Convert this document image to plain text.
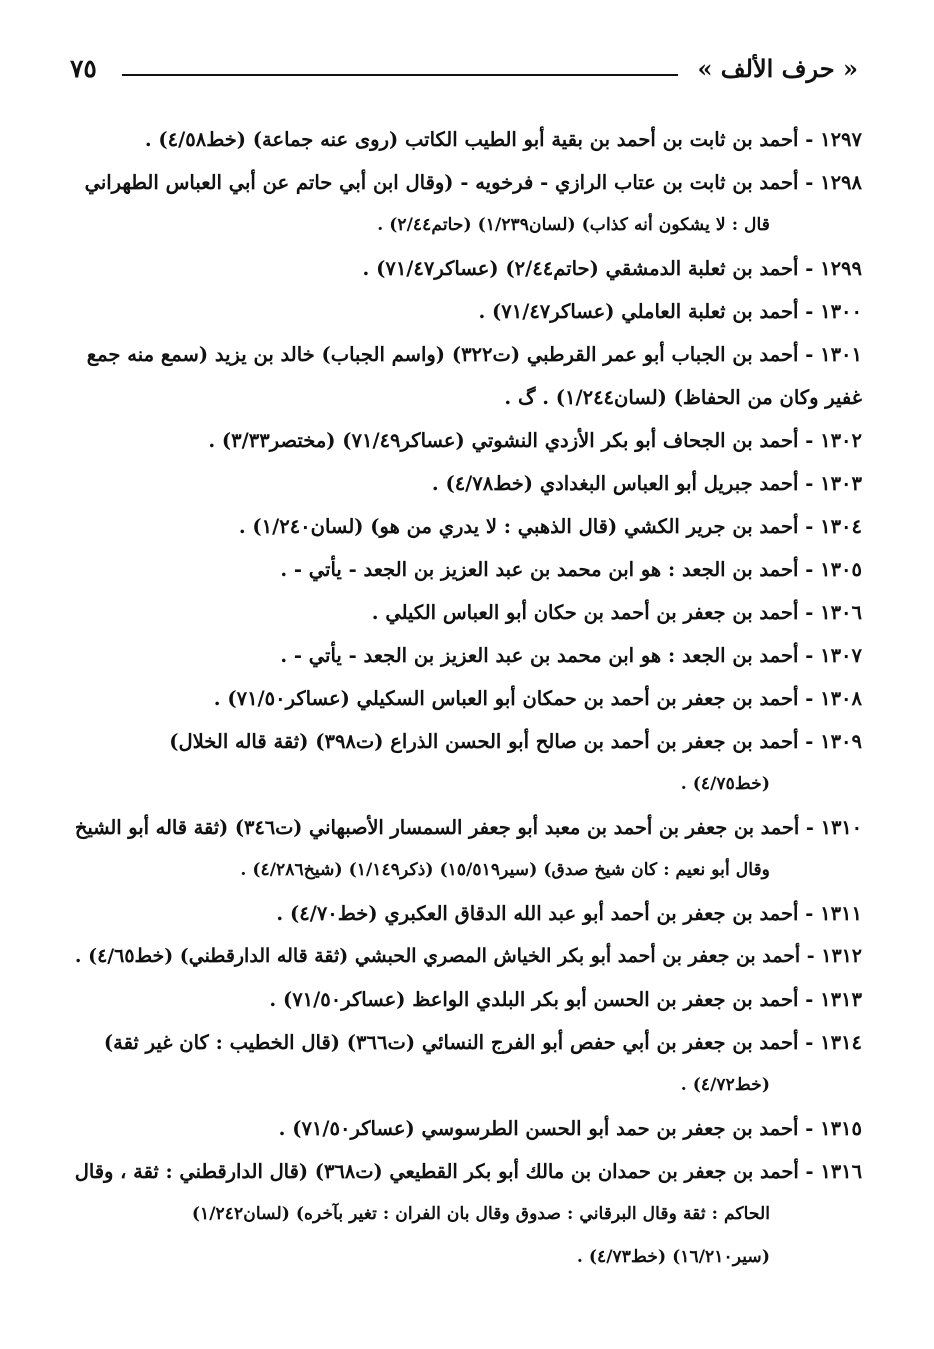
« حرف الألف »
٧٥
١٢٩٧ - أحمد بن ثابت بن أحمد بن بقية أبو الطيب الكاتب (روى عنه جماعة) (خط٤/٥٨) .
١٢٩٨ - أحمد بن ثابت بن عتاب الرازي - فرخويه - (وقال ابن أبي حاتم عن أبي العباس الطهراني
قال : لا يشكون أنه كذاب) (لسان١/٢٣٩) (حاتم٢/٤٤) .
١٢٩٩ - أحمد بن ثعلبة الدمشقي (حاتم٢/٤٤) (عساكر٧١/٤٧) .
١٣٠٠ - أحمد بن ثعلبة العاملي (عساكر٧١/٤٧) .
١٣٠١ - أحمد بن الجباب أبو عمر القرطبي (ت٣٢٢) (واسم الجباب) خالد بن يزيد (سمع منه جمع
غفير وكان من الحفاظ) (لسان١/٢٤٤) . گ .
١٣٠٢ - أحمد بن الجحاف أبو بكر الأزدي النشوتي (عساكر٧١/٤٩) (مختصر٣/٣٣) .
١٣٠٣ - أحمد جبريل أبو العباس البغدادي (خط٤/٧٨) .
١٣٠٤ - أحمد بن جرير الكشي (قال الذهبي : لا يدري من هو) (لسان١/٢٤٠) .
١٣٠٥ - أحمد بن الجعد : هو ابن محمد بن عبد العزيز بن الجعد - يأتي - .
١٣٠٦ - أحمد بن جعفر بن أحمد بن حكان أبو العباس الكيلي .
١٣٠٧ - أحمد بن الجعد : هو ابن محمد بن عبد العزيز بن الجعد - يأتي - .
١٣٠٨ - أحمد بن جعفر بن أحمد بن حمكان أبو العباس السكيلي (عساكر٧١/٥٠) .
١٣٠٩ - أحمد بن جعفر بن أحمد بن صالح أبو الحسن الذراع (ت٣٩٨) (ثقة قاله الخلال)
(خط٤/٧٥) .
١٣١٠ - أحمد بن جعفر بن أحمد بن معبد أبو جعفر السمسار الأصبهاني (ت٣٤٦) (ثقة قاله أبو الشيخ
وقال أبو نعيم : كان شيخ صدق) (سير١٥/٥١٩) (ذكر١/١٤٩) (شيخ٤/٢٨٦) .
١٣١١ - أحمد بن جعفر بن أحمد أبو عبد الله الدقاق العكبري (خط٤/٧٠) .
١٣١٢ - أحمد بن جعفر بن أحمد أبو بكر الخياش المصري الحبشي (ثقة قاله الدارقطني) (خط٤/٦٥) .
١٣١٣ - أحمد بن جعفر بن الحسن أبو بكر البلدي الواعظ (عساكر٧١/٥٠) .
١٣١٤ - أحمد بن جعفر بن أبي حفص أبو الفرج النسائي (ت٣٦٦) (قال الخطيب : كان غير ثقة)
(خط٤/٧٢) .
١٣١٥ - أحمد بن جعفر بن حمد أبو الحسن الطرسوسي (عساكر٧١/٥٠) .
١٣١٦ - أحمد بن جعفر بن حمدان بن مالك أبو بكر القطيعي (ت٣٦٨) (قال الدارقطني : ثقة ، وقال
الحاكم : ثقة وقال البرقاني : صدوق وقال بان الفران : تغير بآخره) (لسان١/٢٤٢)
(سير١٦/٢١٠) (خط٤/٧٣) .
